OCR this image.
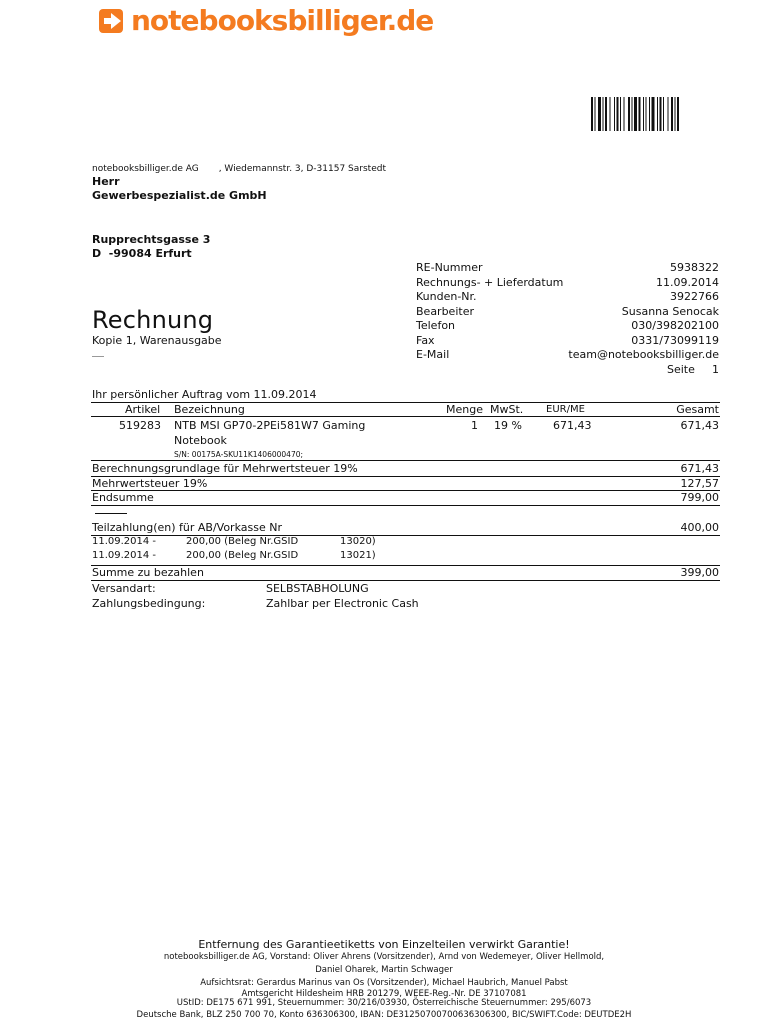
notebooksbilliger.de
notebooksbilliger.de AG       , Wiedemannstr. 3, D-31157 Sarstedt
Herr
Gewerbespezialist.de GmbH
Rupprechtsgasse 3
D  -99084 Erfurt
RE-Nummer	5938322
Rechnungs- + Lieferdatum	11.09.2014
Kunden-Nr.	3922766
Bearbeiter	Susanna Senocak
Telefon	030/398202100
Fax	0331/73099119
E-Mail	team@notebooksbilliger.de
Seite 1
Rechnung
Kopie 1, Warenausgabe
Ihr persönlicher Auftrag vom 11.09.2014
Artikel Bezeichnung	Menge MwSt. EUR/ME	Gesamt
519283 NTB MSI GP70-2PEi581W7 Gaming
Notebook
S/N: 00175A-SKU11K1406000470;
1 19 %	671,43	671,43
Berechnungsgrundlage für Mehrwertsteuer 19%	671,43
Mehrwertsteuer 19%	127,57
Endsumme	799,00
Teilzahlung(en) für AB/Vorkasse Nr	400,00
11.09.2014 -	200,00 (Beleg Nr.GSID	13020)
11.09.2014 -	200,00 (Beleg Nr.GSID	13021)
Summe zu bezahlen	399,00
Versandart:	SELBSTABHOLUNG
Zahlungsbedingung:	Zahlbar per Electronic Cash
Entfernung des Garantieetiketts von Einzelteilen verwirkt Garantie!
notebooksbilliger.de AG, Vorstand: Oliver Ahrens (Vorsitzender), Arnd von Wedemeyer, Oliver Hellmold,
Daniel Oharek, Martin Schwager
Aufsichtsrat: Gerardus Marinus van Os (Vorsitzender), Michael Haubrich, Manuel Pabst
Amtsgericht Hildesheim HRB 201279, WEEE-Reg.-Nr. DE 37107081
UStID: DE175 671 991, Steuernummer: 30/216/03930, Österreichische Steuernummer: 295/6073
Deutsche Bank, BLZ 250 700 70, Konto 636306300, IBAN: DE31250700700636306300, BIC/SWIFT.Code: DEUTDE2H
